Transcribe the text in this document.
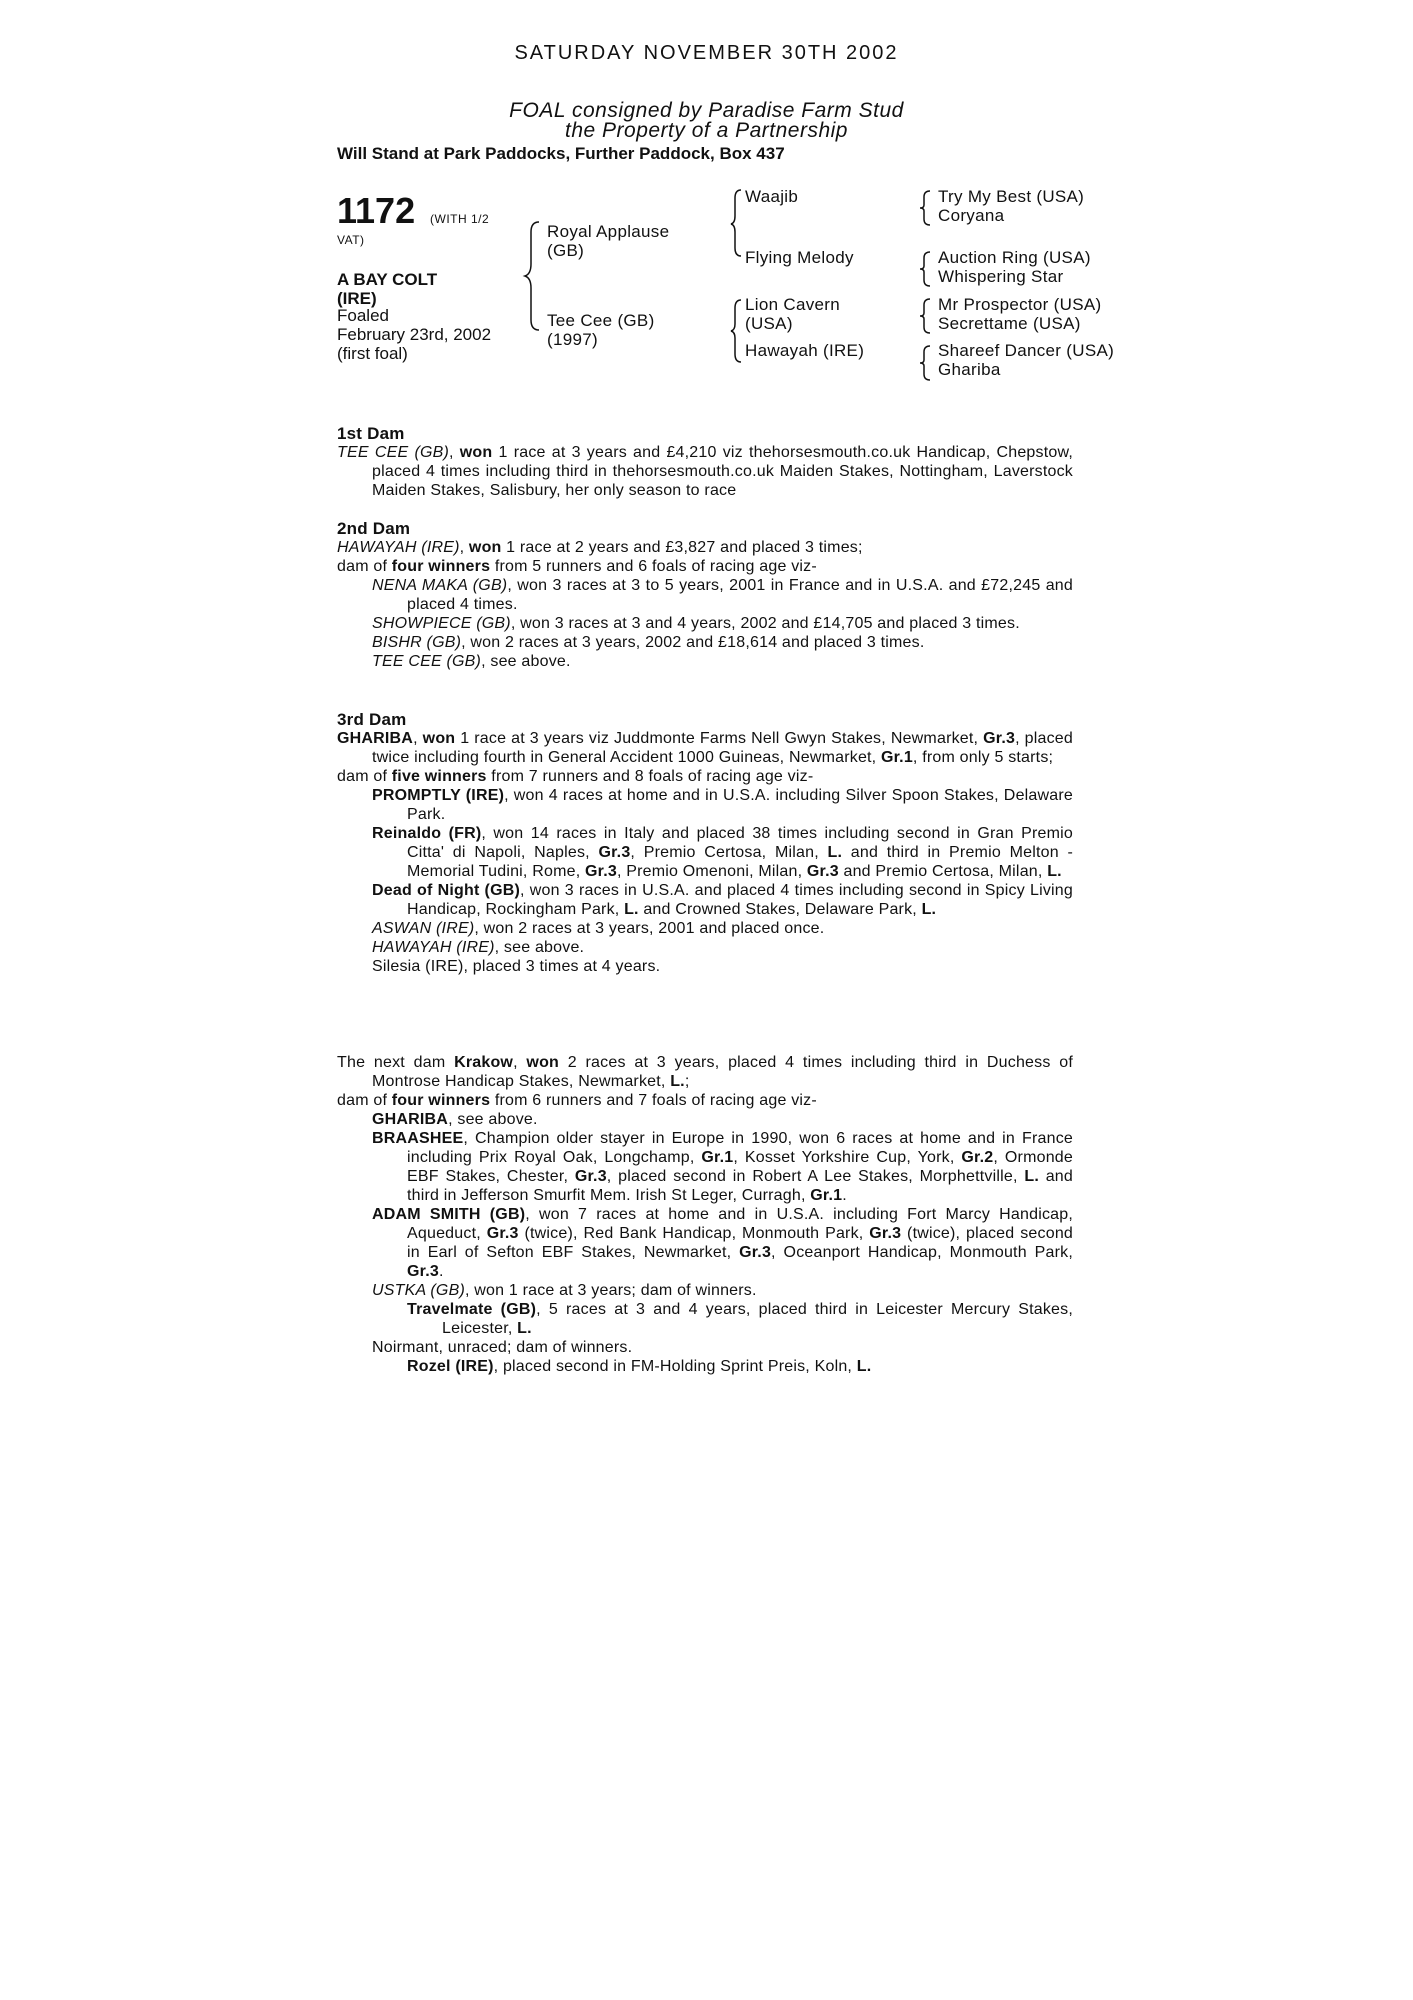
SATURDAY NOVEMBER 30TH 2002
FOAL consigned by Paradise Farm Stud
the Property of a Partnership
Will Stand at Park Paddocks, Further Paddock, Box 437
1172 (WITH 1/2
VAT)
A BAY COLT
(IRE)
Foaled
February 23rd, 2002
(first foal)
Royal Applause
(GB)
Tee Cee (GB)
(1997)
Waajib
Flying Melody
Lion Cavern
(USA)
Hawayah (IRE)
Try My Best (USA)
Coryana
Auction Ring (USA)
Whispering Star
Mr Prospector (USA)
Secrettame (USA)
Shareef Dancer (USA)
Ghariba
1st Dam

TEE CEE (GB), won 1 race at 3 years and £4,210 viz thehorsesmouth.co.uk Handicap, Chepstow, placed 4 times including third in thehorsesmouth.co.uk Maiden Stakes, Nottingham, Laverstock Maiden Stakes, Salisbury, her only season to race

2nd Dam

HAWAYAH (IRE), won 1 race at 2 years and £3,827 and placed 3 times;

dam of four winners from 5 runners and 6 foals of racing age viz-

NENA MAKA (GB), won 3 races at 3 to 5 years, 2001 in France and in U.S.A. and £72,245 and placed 4 times.

SHOWPIECE (GB), won 3 races at 3 and 4 years, 2002 and £14,705 and placed 3 times.

BISHR (GB), won 2 races at 3 years, 2002 and £18,614 and placed 3 times.

TEE CEE (GB), see above.

3rd Dam

GHARIBA, won 1 race at 3 years viz Juddmonte Farms Nell Gwyn Stakes, Newmarket, Gr.3, placed twice including fourth in General Accident 1000 Guineas, Newmarket, Gr.1, from only 5 starts;

dam of five winners from 7 runners and 8 foals of racing age viz-

PROMPTLY (IRE), won 4 races at home and in U.S.A. including Silver Spoon Stakes, Delaware Park.

Reinaldo (FR), won 14 races in Italy and placed 38 times including second in Gran Premio Citta' di Napoli, Naples, Gr.3, Premio Certosa, Milan, L. and third in Premio Melton - Memorial Tudini, Rome, Gr.3, Premio Omenoni, Milan, Gr.3 and Premio Certosa, Milan, L.

Dead of Night (GB), won 3 races in U.S.A. and placed 4 times including second in Spicy Living Handicap, Rockingham Park, L. and Crowned Stakes, Delaware Park, L.

ASWAN (IRE), won 2 races at 3 years, 2001 and placed once.

HAWAYAH (IRE), see above.

Silesia (IRE), placed 3 times at 4 years.

The next dam Krakow, won 2 races at 3 years, placed 4 times including third in Duchess of Montrose Handicap Stakes, Newmarket, L.;

dam of four winners from 6 runners and 7 foals of racing age viz-

GHARIBA, see above.

BRAASHEE, Champion older stayer in Europe in 1990, won 6 races at home and in France including Prix Royal Oak, Longchamp, Gr.1, Kosset Yorkshire Cup, York, Gr.2, Ormonde EBF Stakes, Chester, Gr.3, placed second in Robert A Lee Stakes, Morphettville, L. and third in Jefferson Smurfit Mem. Irish St Leger, Curragh, Gr.1.

ADAM SMITH (GB), won 7 races at home and in U.S.A. including Fort Marcy Handicap, Aqueduct, Gr.3 (twice), Red Bank Handicap, Monmouth Park, Gr.3 (twice), placed second in Earl of Sefton EBF Stakes, Newmarket, Gr.3, Oceanport Handicap, Monmouth Park, Gr.3.

USTKA (GB), won 1 race at 3 years; dam of winners.

Travelmate (GB), 5 races at 3 and 4 years, placed third in Leicester Mercury Stakes, Leicester, L.

Noirmant, unraced; dam of winners.

Rozel (IRE), placed second in FM-Holding Sprint Preis, Koln, L.
